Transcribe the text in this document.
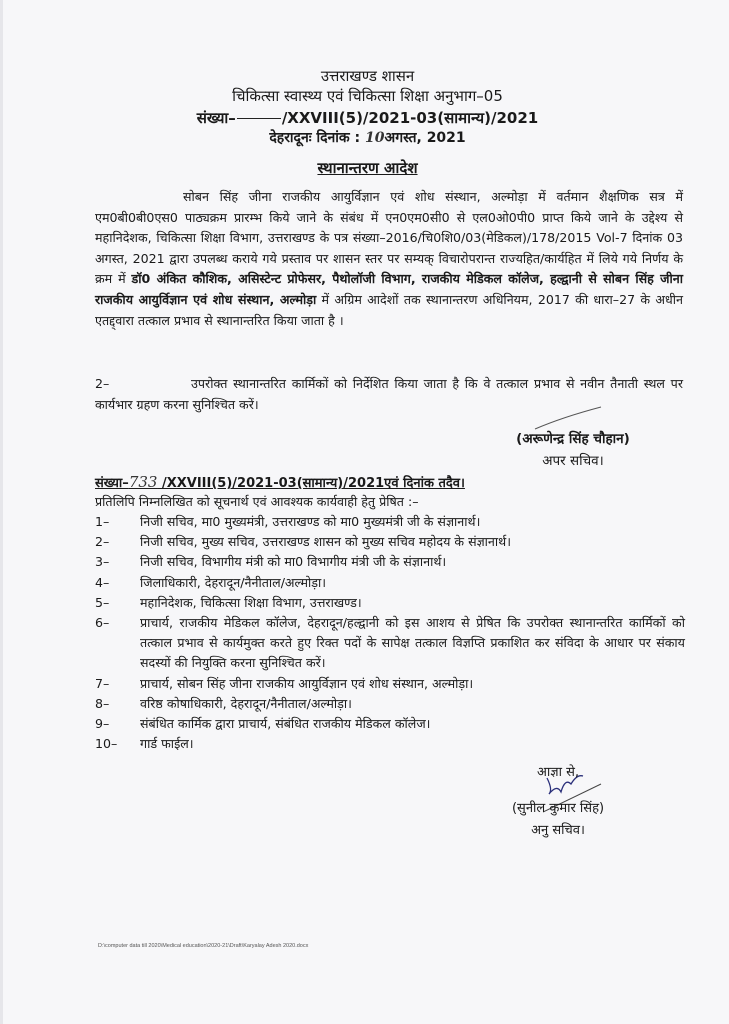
उत्तराखण्ड शासन
चिकित्सा स्वास्थ्य एवं चिकित्सा शिक्षा अनुभाग–05
संख्या–	/XXVIII(5)/2021-03(सामान्य)/2021
देहरादूनः दिनांक : 10अगस्त, 2021
स्थानान्तरण आदेश
सोबन सिंह जीना राजकीय आयुर्विज्ञान एवं शोध संस्थान, अल्मोड़ा में वर्तमान शैक्षणिक सत्र में एम0बी0बी0एस0 पाठ्यक्रम प्रारम्भ किये जाने के संबंध में एन0एम0सी0 से एल0ओ0पी0 प्राप्त किये जाने के उद्देश्य से महानिदेशक, चिकित्सा शिक्षा विभाग, उत्तराखण्ड के पत्र संख्या–2016/चि0शि0/03(मेडिकल)/178/2015 Vol-7 दिनांक 03 अगस्त, 2021 द्वारा उपलब्ध कराये गये प्रस्ताव पर शासन स्तर पर सम्यक् विचारोपरान्त राज्यहित/कार्यहित में लिये गये निर्णय के क्रम में डॉ0 अंकित कौशिक, असिस्टेन्ट प्रोफेसर, पैथोलॉजी विभाग, राजकीय मेडिकल कॉलेज, हल्द्वानी से सोबन सिंह जीना राजकीय आयुर्विज्ञान एवं शोध संस्थान, अल्मोड़ा में अग्रिम आदेशों तक स्थानान्तरण अधिनियम, 2017 की धारा–27 के अधीन एतद्द्वारा तत्काल प्रभाव से स्थानान्तरित किया जाता है ।
2–	उपरोक्त स्थानान्तरित कार्मिकों को निर्देशित किया जाता है कि वे तत्काल प्रभाव से नवीन तैनाती स्थल पर कार्यभार ग्रहण करना सुनिश्चित करें।
(अरूणेन्द्र सिंह चौहान)
अपर सचिव।
संख्या–733 /XXVIII(5)/2021-03(सामान्य)/2021एवं दिनांक तदैव।
प्रतिलिपि निम्नलिखित को सूचनार्थ एवं आवश्यक कार्यवाही हेतु प्रेषित :–
1–	निजी सचिव, मा0 मुख्यमंत्री, उत्तराखण्ड को मा0 मुख्यमंत्री जी के संज्ञानार्थ।
2–	निजी सचिव, मुख्य सचिव, उत्तराखण्ड शासन को मुख्य सचिव महोदय के संज्ञानार्थ।
3–	निजी सचिव, विभागीय मंत्री को मा0 विभागीय मंत्री जी के संज्ञानार्थ।
4–	जिलाधिकारी, देहरादून/नैनीताल/अल्मोड़ा।
5–	महानिदेशक, चिकित्सा शिक्षा विभाग, उत्तराखण्ड।
6–	प्राचार्य, राजकीय मेडिकल कॉलेज, देहरादून/हल्द्वानी को इस आशय से प्रेषित कि उपरोक्त स्थानान्तरित कार्मिकों को तत्काल प्रभाव से कार्यमुक्त करते हुए रिक्त पदों के सापेक्ष तत्काल विज्ञप्ति प्रकाशित कर संविदा के आधार पर संकाय सदस्यों की नियुक्ति करना सुनिश्चित करें।
7–	प्राचार्य, सोबन सिंह जीना राजकीय आयुर्विज्ञान एवं शोध संस्थान, अल्मोड़ा।
8–	वरिष्ठ कोषाधिकारी, देहरादून/नैनीताल/अल्मोड़ा।
9–	संबंधित कार्मिक द्वारा प्राचार्य, संबंधित राजकीय मेडिकल कॉलेज।
10–	गार्ड फाईल।
आज्ञा से,
(सुनील कुमार सिंह)
अनु सचिव।
D:\computer data till 2020\Medical education\2020-21\Draft\Karyalay Adesh 2020.docx
